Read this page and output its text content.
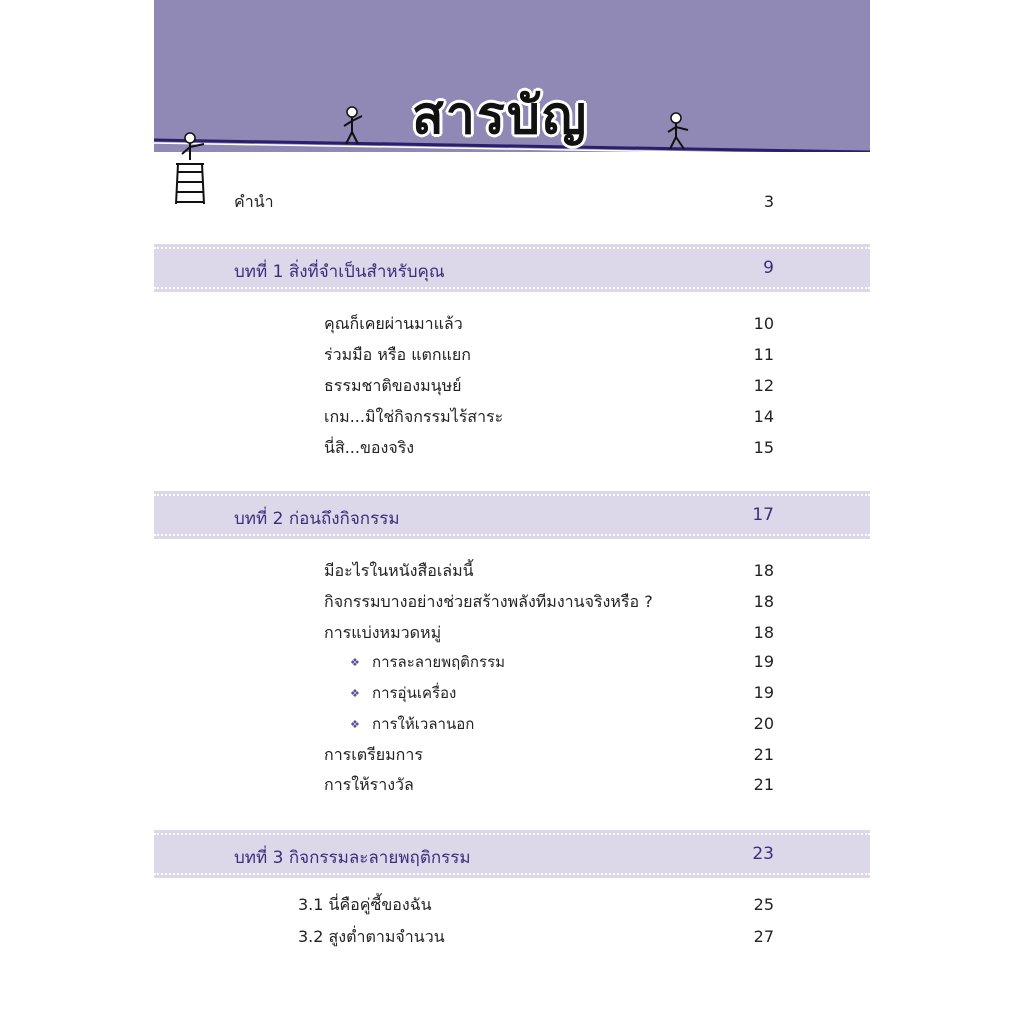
สารบัญ
คำนำ	3
บทที่ 1 สิ่งที่จำเป็นสำหรับคุณ	9
คุณก็เคยผ่านมาแล้ว	10
ร่วมมือ หรือ แตกแยก	11
ธรรมชาติของมนุษย์	12
เกม...มิใช่กิจกรรมไร้สาระ	14
นี่สิ...ของจริง	15
บทที่ 2 ก่อนถึงกิจกรรม	17
มีอะไรในหนังสือเล่มนี้	18
กิจกรรมบางอย่างช่วยสร้างพลังทีมงานจริงหรือ ?	18
การแบ่งหมวดหมู่	18
❖ การละลายพฤติกรรม	19
❖ การอุ่นเครื่อง	19
❖ การให้เวลานอก	20
การเตรียมการ	21
การให้รางวัล	21
บทที่ 3 กิจกรรมละลายพฤติกรรม	23
3.1 นี่คือคู่ซี้ของฉัน	25
3.2 สูงต่ำตามจำนวน	27
